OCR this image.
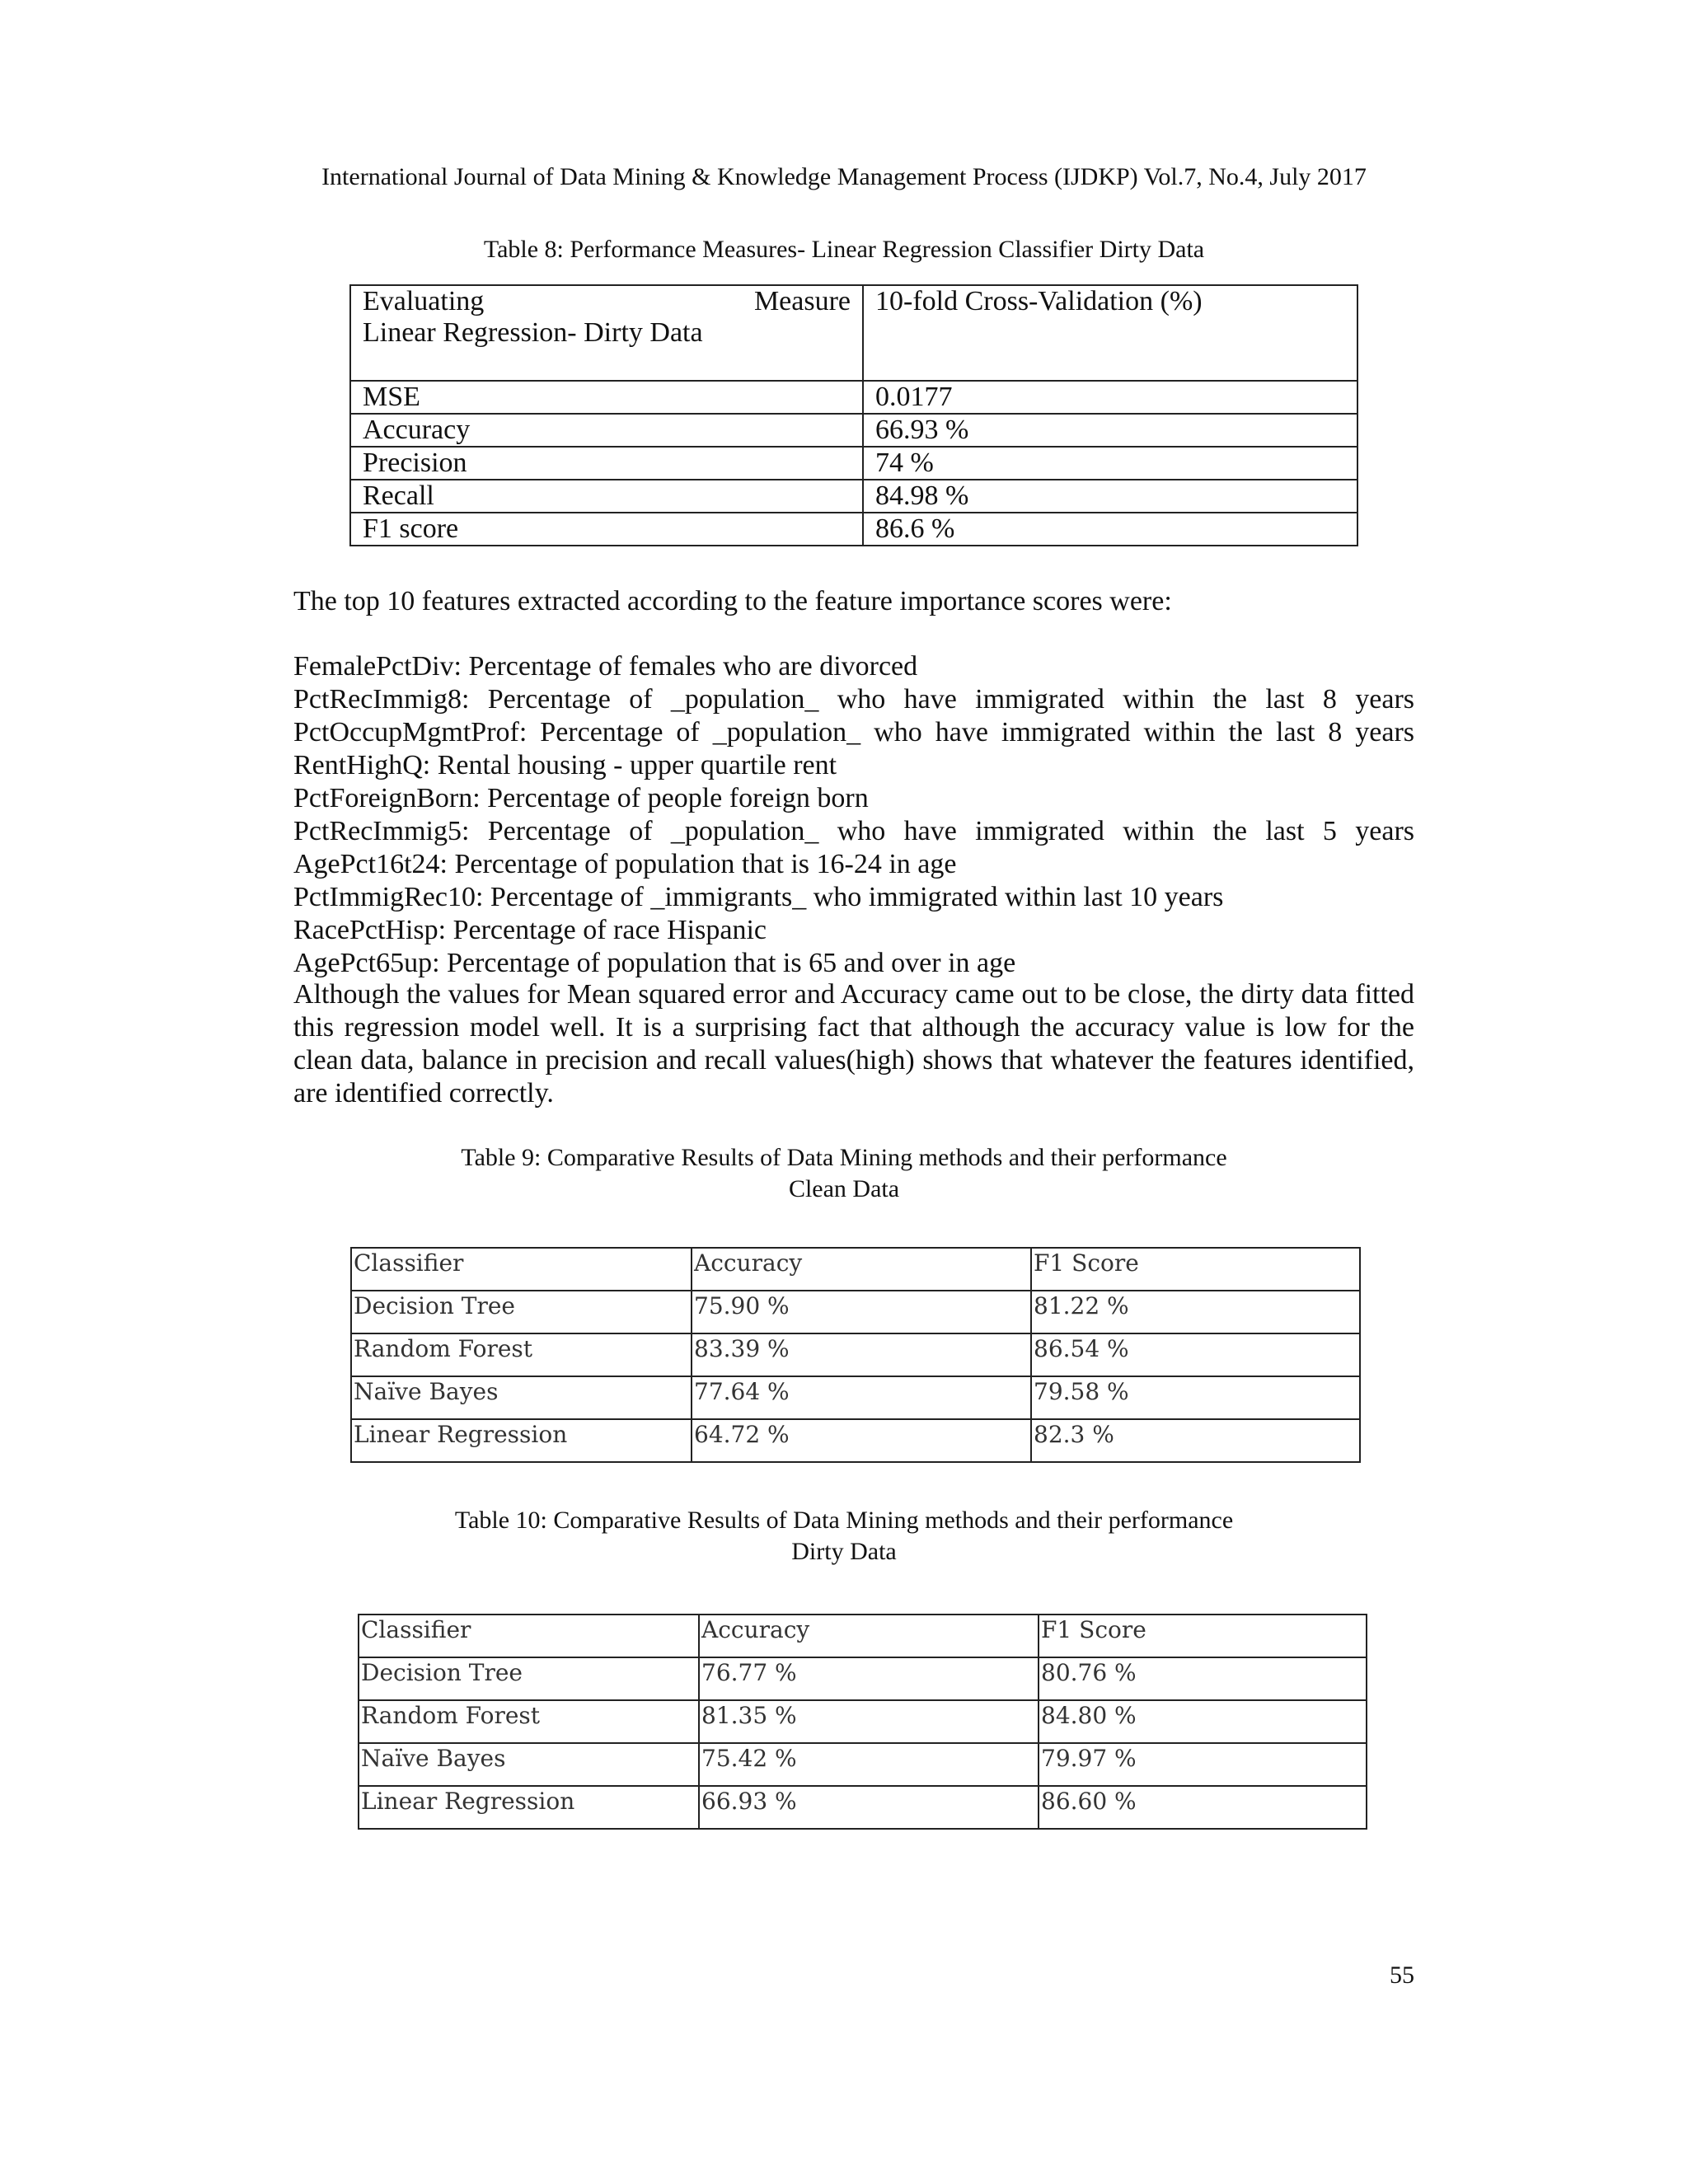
International Journal of Data Mining & Knowledge Management Process (IJDKP) Vol.7, No.4, July 2017
Table 8: Performance Measures- Linear Regression Classifier Dirty Data
Evaluating Measure
Linear Regression- Dirty Data	10-fold Cross-Validation (%)
MSE	0.0177
Accuracy	66.93 %
Precision	74 %
Recall	84.98 %
F1 score	86.6 %
The top 10 features extracted according to the feature importance scores were:
FemalePctDiv: Percentage of females who are divorced
PctRecImmig8: Percentage of _population_ who have immigrated within the last 8 years
PctOccupMgmtProf: Percentage of _population_ who have immigrated within the last 8 years
RentHighQ: Rental housing - upper quartile rent
PctForeignBorn: Percentage of people foreign born
PctRecImmig5: Percentage of _population_ who have immigrated within the last 5 years
AgePct16t24: Percentage of population that is 16-24 in age
PctImmigRec10: Percentage of _immigrants_ who immigrated within last 10 years
RacePctHisp: Percentage of race Hispanic
AgePct65up: Percentage of population that is 65 and over in age
Although the values for Mean squared error and Accuracy came out to be close, the dirty data fitted this regression model well. It is a surprising fact that although the accuracy value is low for the clean data, balance in precision and recall values(high) shows that whatever the features identified, are identified correctly.
Table 9: Comparative Results of Data Mining methods and their performance
Clean Data
Classifier	Accuracy	F1 Score
Decision Tree	75.90 %	81.22 %
Random Forest	83.39 %	86.54 %
Naïve Bayes	77.64 %	79.58 %
Linear Regression	64.72 %	82.3 %
Table 10: Comparative Results of Data Mining methods and their performance
Dirty Data
Classifier	Accuracy	F1 Score
Decision Tree	76.77 %	80.76 %
Random Forest	81.35 %	84.80 %
Naïve Bayes	75.42 %	79.97 %
Linear Regression	66.93 %	86.60 %
55
